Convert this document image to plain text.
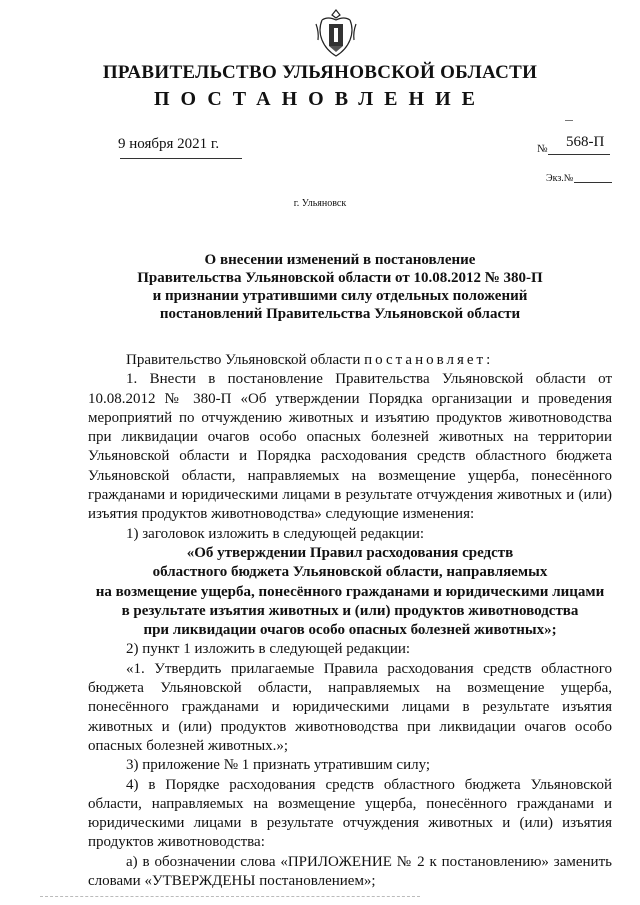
ПРАВИТЕЛЬСТВО УЛЬЯНОВСКОЙ ОБЛАСТИ
ПОСТАНОВЛЕНИЕ
9 ноября 2021 г.	№ 568-П
Экз.№
г. Ульяновск
О внесении изменений в постановление
Правительства Ульяновской области от 10.08.2012 № 380-П
и признании утратившими силу отдельных положений
постановлений Правительства Ульяновской области

Правительство Ульяновской области постановляет:

1. Внести в постановление Правительства Ульяновской области от 10.08.2012 № 380-П «Об утверждении Порядка организации и проведения мероприятий по отчуждению животных и изъятию продуктов животноводства при ликвидации очагов особо опасных болезней животных на территории Ульяновской области и Порядка расходования средств областного бюджета Ульяновской области, направляемых на возмещение ущерба, понесённого гражданами и юридическими лицами в результате отчуждения животных и (или) изъятия продуктов животноводства» следующие изменения:

1) заголовок изложить в следующей редакции:

«Об утверждении Правил расходования средств

областного бюджета Ульяновской области, направляемых

на возмещение ущерба, понесённого гражданами и юридическими лицами

в результате изъятия животных и (или) продуктов животноводства

при ликвидации очагов особо опасных болезней животных»;

2) пункт 1 изложить в следующей редакции:

«1. Утвердить прилагаемые Правила расходования средств областного бюджета Ульяновской области, направляемых на возмещение ущерба, понесённого гражданами и юридическими лицами в результате изъятия животных и (или) продуктов животноводства при ликвидации очагов особо опасных болезней животных.»;

3) приложение № 1 признать утратившим силу;

4) в Порядке расходования средств областного бюджета Ульяновской области, направляемых на возмещение ущерба, понесённого гражданами и юридическими лицами в результате отчуждения животных и (или) изъятия продуктов животноводства:

а) в обозначении слова «ПРИЛОЖЕНИЕ № 2 к постановлению» заменить словами «УТВЕРЖДЕНЫ постановлением»;
